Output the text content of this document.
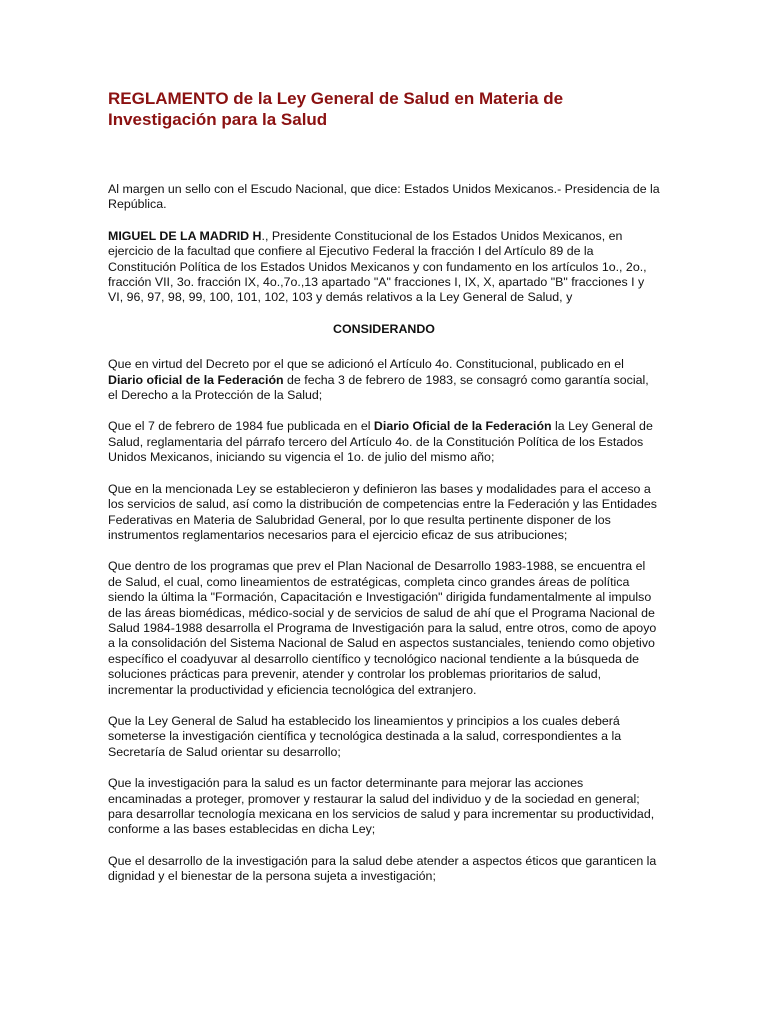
REGLAMENTO de la Ley General de Salud en Materia de Investigación para la Salud

Al margen un sello con el Escudo Nacional, que dice: Estados Unidos Mexicanos.- Presidencia de la República.

MIGUEL DE LA MADRID H., Presidente Constitucional de los Estados Unidos Mexicanos, en ejercicio de la facultad que confiere al Ejecutivo Federal la fracción I del Artículo 89 de la Constitución Política de los Estados Unidos Mexicanos y con fundamento en los artículos 1o., 2o., fracción VII, 3o. fracción IX, 4o.,7o.,13 apartado "A" fracciones I, IX, X, apartado "B" fracciones I y VI, 96, 97, 98, 99, 100, 101, 102, 103 y demás relativos a la Ley General de Salud, y

CONSIDERANDO

Que en virtud del Decreto por el que se adicionó el Artículo 4o. Constitucional, publicado en el Diario oficial de la Federación de fecha 3 de febrero de 1983, se consagró como garantía social, el Derecho a la Protección de la Salud;

Que el 7 de febrero de 1984 fue publicada en el Diario Oficial de la Federación la Ley General de Salud, reglamentaria del párrafo tercero del Artículo 4o. de la Constitución Política de los Estados Unidos Mexicanos, iniciando su vigencia el 1o. de julio del mismo año;

Que en la mencionada Ley se establecieron y definieron las bases y modalidades para el acceso a los servicios de salud, así como la distribución de competencias entre la Federación y las Entidades Federativas en Materia de Salubridad General, por lo que resulta pertinente disponer de los instrumentos reglamentarios necesarios para el ejercicio eficaz de sus atribuciones;

Que dentro de los programas que prev el Plan Nacional de Desarrollo 1983-1988, se encuentra el de Salud, el cual, como lineamientos de estratégicas, completa cinco grandes áreas de política siendo la última la "Formación, Capacitación e Investigación" dirigida fundamentalmente al impulso de las áreas biomédicas, médico-social y de servicios de salud de ahí que el Programa Nacional de Salud 1984-1988 desarrolla el Programa de Investigación para la salud, entre otros, como de apoyo a la consolidación del Sistema Nacional de Salud en aspectos sustanciales, teniendo como objetivo específico el coadyuvar al desarrollo científico y tecnológico nacional tendiente a la búsqueda de soluciones prácticas para prevenir, atender y controlar los problemas prioritarios de salud, incrementar la productividad y eficiencia tecnológica del extranjero.

Que la Ley General de Salud ha establecido los lineamientos y principios a los cuales deberá someterse la investigación científica y tecnológica destinada a la salud, correspondientes a la Secretaría de Salud orientar su desarrollo;

Que la investigación para la salud es un factor determinante para mejorar las acciones encaminadas a proteger, promover y restaurar la salud del individuo y de la sociedad en general; para desarrollar tecnología mexicana en los servicios de salud y para incrementar su productividad, conforme a las bases establecidas en dicha Ley;

Que el desarrollo de la investigación para la salud debe atender a aspectos éticos que garanticen la dignidad y el bienestar de la persona sujeta a investigación;
